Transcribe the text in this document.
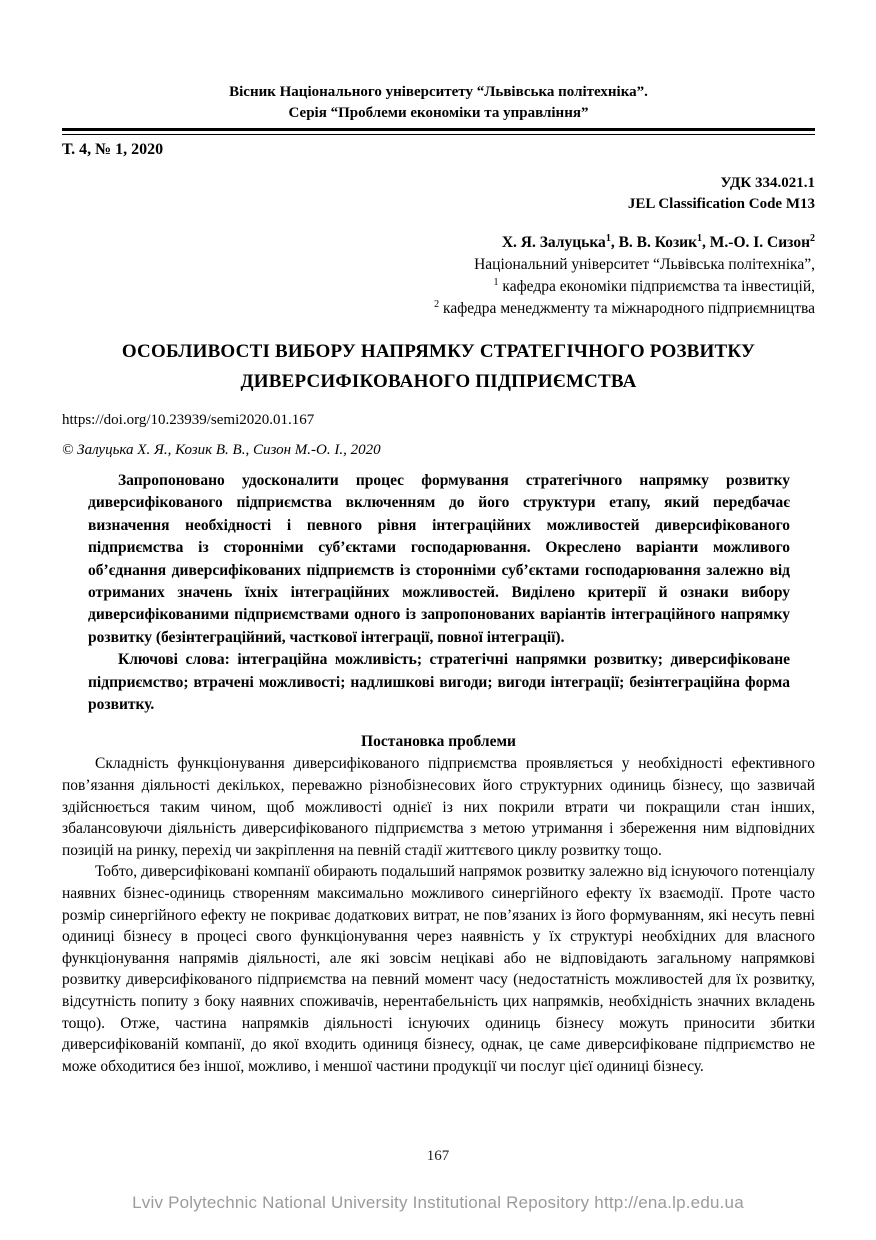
Вісник Національного університету “Львівська політехніка”.
Серія “Проблеми економіки та управління”
Т. 4, № 1, 2020
УДК 334.021.1
JEL Classification Code M13
Х. Я. Залуцька$^1$, В. В. Козик$^1$, М.-О. І. Сизон$^2$
Національний університет “Львівська політехніка”,
$^1$ кафедра економіки підприємства та інвестицій,
$^2$ кафедра менеджменту та міжнародного підприємництва
ОСОБЛИВОСТІ ВИБОРУ НАПРЯМКУ СТРАТЕГІЧНОГО РОЗВИТКУ ДИВЕРСИФІКОВАНОГО ПІДПРИЄМСТВА
https://doi.org/10.23939/semi2020.01.167
© Залуцька Х. Я., Козик В. В., Сизон М.-О. І., 2020

Запропоновано удосконалити процес формування стратегічного напрямку розвитку диверсифікованого підприємства включенням до його структури етапу, який передбачає визначення необхідності і певного рівня інтеграційних можливостей диверсифікованого підприємства із сторонніми суб’єктами господарювання. Окреслено варіанти можливого об’єднання диверсифікованих підприємств із сторонніми суб’єктами господарювання залежно від отриманих значень їхніх інтеграційних можливостей. Виділено критерії й ознаки вибору диверсифікованими підприємствами одного із запропонованих варіантів інтеграційного напрямку розвитку (безінтеграційний, часткової інтеграції, повної інтеграції).

Ключові слова: інтеграційна можливість; стратегічні напрямки розвитку; диверсифіковане підприємство; втрачені можливості; надлишкові вигоди; вигоди інтеграції; безінтеграційна форма розвитку.

Постановка проблеми

Складність функціонування диверсифікованого підприємства проявляється у необхідності ефективного пов’язання діяльності декількох, переважно різнобізнесових його структурних одиниць бізнесу, що зазвичай здійснюється таким чином, щоб можливості однієї із них покрили втрати чи покращили стан інших, збалансовуючи діяльність диверсифікованого підприємства з метою утримання і збереження ним відповідних позицій на ринку, перехід чи закріплення на певній стадії життєвого циклу розвитку тощо.

Тобто, диверсифіковані компанії обирають подальший напрямок розвитку залежно від існуючого потенціалу наявних бізнес-одиниць створенням максимально можливого синергійного ефекту їх взаємодії. Проте часто розмір синергійного ефекту не покриває додаткових витрат, не пов’язаних із його формуванням, які несуть певні одиниці бізнесу в процесі свого функціонування через наявність у їх структурі необхідних для власного функціонування напрямів діяльності, але які зовсім нецікаві або не відповідають загальному напрямкові розвитку диверсифікованого підприємства на певний момент часу (недостатність можливостей для їх розвитку, відсутність попиту з боку наявних споживачів, нерентабельність цих напрямків, необхідність значних вкладень тощо). Отже, частина напрямків діяльності існуючих одиниць бізнесу можуть приносити збитки диверсифікованій компанії, до якої входить одиниця бізнесу, однак, це саме диверсифіковане підприємство не може обходитися без іншої, можливо, і меншої частини продукції чи послуг цієї одиниці бізнесу.

167
Lviv Polytechnic National University Institutional Repository http://ena.lp.edu.ua
